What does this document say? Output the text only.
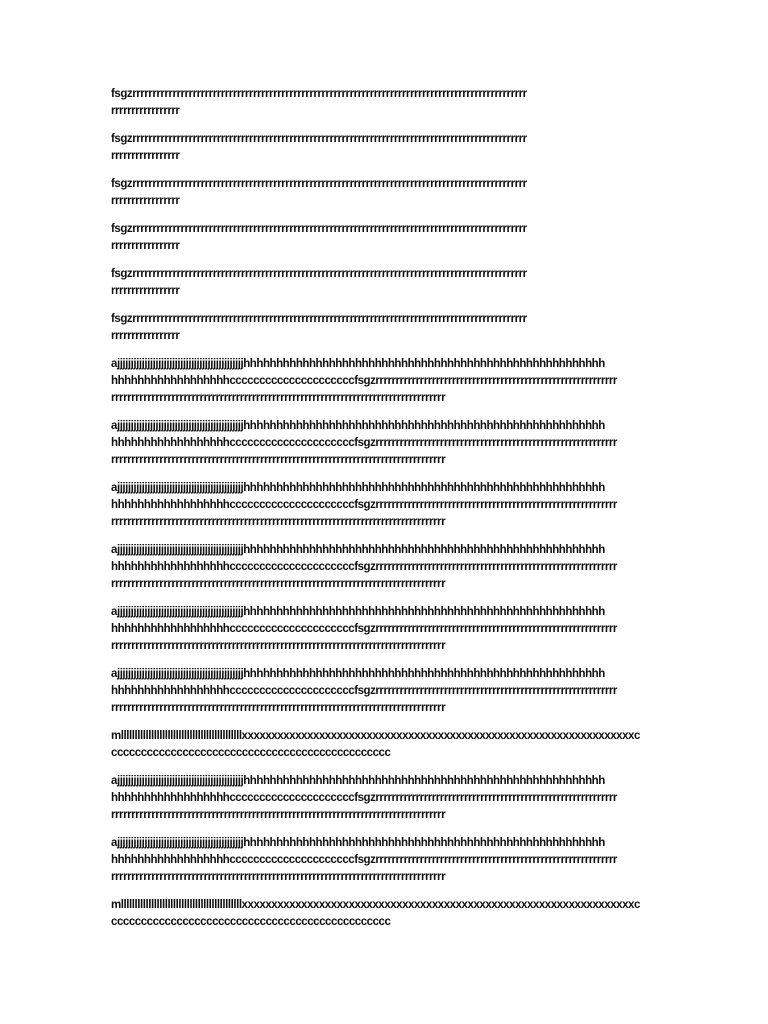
fsgzrrrrrrrrrrrrrrrrrrrrrrrrrrrrrrrrrrrrrrrrrrrrrrrrrrrrrrrrrrrrrrrrrrrrrrrrrrrrrrrrrrrrrrrrrrrrrrrrrr
rrrrrrrrrrrrrrrrr

fsgzrrrrrrrrrrrrrrrrrrrrrrrrrrrrrrrrrrrrrrrrrrrrrrrrrrrrrrrrrrrrrrrrrrrrrrrrrrrrrrrrrrrrrrrrrrrrrrrrrr
rrrrrrrrrrrrrrrrr

fsgzrrrrrrrrrrrrrrrrrrrrrrrrrrrrrrrrrrrrrrrrrrrrrrrrrrrrrrrrrrrrrrrrrrrrrrrrrrrrrrrrrrrrrrrrrrrrrrrrrr
rrrrrrrrrrrrrrrrr

fsgzrrrrrrrrrrrrrrrrrrrrrrrrrrrrrrrrrrrrrrrrrrrrrrrrrrrrrrrrrrrrrrrrrrrrrrrrrrrrrrrrrrrrrrrrrrrrrrrrrr
rrrrrrrrrrrrrrrrr

fsgzrrrrrrrrrrrrrrrrrrrrrrrrrrrrrrrrrrrrrrrrrrrrrrrrrrrrrrrrrrrrrrrrrrrrrrrrrrrrrrrrrrrrrrrrrrrrrrrrrr
rrrrrrrrrrrrrrrrr

fsgzrrrrrrrrrrrrrrrrrrrrrrrrrrrrrrrrrrrrrrrrrrrrrrrrrrrrrrrrrrrrrrrrrrrrrrrrrrrrrrrrrrrrrrrrrrrrrrrrrr
rrrrrrrrrrrrrrrrr

ajjjjjjjjjjjjjjjjjjjjjjjjjjjjjjjjjjjjjjjjjjjjjjhhhhhhhhhhhhhhhhhhhhhhhhhhhhhhhhhhhhhhhhhhhhhhhhhhhhhhh
hhhhhhhhhhhhhhhhhhcccccccccccccccccccccfsgzrrrrrrrrrrrrrrrrrrrrrrrrrrrrrrrrrrrrrrrrrrrrrrrrrrrrrrrrrrrr
rrrrrrrrrrrrrrrrrrrrrrrrrrrrrrrrrrrrrrrrrrrrrrrrrrrrrrrrrrrrrrrrrrrrrrrrrrrrrrrrrrr

ajjjjjjjjjjjjjjjjjjjjjjjjjjjjjjjjjjjjjjjjjjjjjjhhhhhhhhhhhhhhhhhhhhhhhhhhhhhhhhhhhhhhhhhhhhhhhhhhhhhhh
hhhhhhhhhhhhhhhhhhcccccccccccccccccccccfsgzrrrrrrrrrrrrrrrrrrrrrrrrrrrrrrrrrrrrrrrrrrrrrrrrrrrrrrrrrrrr
rrrrrrrrrrrrrrrrrrrrrrrrrrrrrrrrrrrrrrrrrrrrrrrrrrrrrrrrrrrrrrrrrrrrrrrrrrrrrrrrrrr

ajjjjjjjjjjjjjjjjjjjjjjjjjjjjjjjjjjjjjjjjjjjjjjhhhhhhhhhhhhhhhhhhhhhhhhhhhhhhhhhhhhhhhhhhhhhhhhhhhhhhh
hhhhhhhhhhhhhhhhhhcccccccccccccccccccccfsgzrrrrrrrrrrrrrrrrrrrrrrrrrrrrrrrrrrrrrrrrrrrrrrrrrrrrrrrrrrrr
rrrrrrrrrrrrrrrrrrrrrrrrrrrrrrrrrrrrrrrrrrrrrrrrrrrrrrrrrrrrrrrrrrrrrrrrrrrrrrrrrrr

ajjjjjjjjjjjjjjjjjjjjjjjjjjjjjjjjjjjjjjjjjjjjjjhhhhhhhhhhhhhhhhhhhhhhhhhhhhhhhhhhhhhhhhhhhhhhhhhhhhhhh
hhhhhhhhhhhhhhhhhhcccccccccccccccccccccfsgzrrrrrrrrrrrrrrrrrrrrrrrrrrrrrrrrrrrrrrrrrrrrrrrrrrrrrrrrrrrr
rrrrrrrrrrrrrrrrrrrrrrrrrrrrrrrrrrrrrrrrrrrrrrrrrrrrrrrrrrrrrrrrrrrrrrrrrrrrrrrrrrr

ajjjjjjjjjjjjjjjjjjjjjjjjjjjjjjjjjjjjjjjjjjjjjjhhhhhhhhhhhhhhhhhhhhhhhhhhhhhhhhhhhhhhhhhhhhhhhhhhhhhhh
hhhhhhhhhhhhhhhhhhcccccccccccccccccccccfsgzrrrrrrrrrrrrrrrrrrrrrrrrrrrrrrrrrrrrrrrrrrrrrrrrrrrrrrrrrrrr
rrrrrrrrrrrrrrrrrrrrrrrrrrrrrrrrrrrrrrrrrrrrrrrrrrrrrrrrrrrrrrrrrrrrrrrrrrrrrrrrrrr

ajjjjjjjjjjjjjjjjjjjjjjjjjjjjjjjjjjjjjjjjjjjjjjhhhhhhhhhhhhhhhhhhhhhhhhhhhhhhhhhhhhhhhhhhhhhhhhhhhhhhh
hhhhhhhhhhhhhhhhhhcccccccccccccccccccccfsgzrrrrrrrrrrrrrrrrrrrrrrrrrrrrrrrrrrrrrrrrrrrrrrrrrrrrrrrrrrrr
rrrrrrrrrrrrrrrrrrrrrrrrrrrrrrrrrrrrrrrrrrrrrrrrrrrrrrrrrrrrrrrrrrrrrrrrrrrrrrrrrrr

mllllllllllllllllllllllllllllllllllllllllllllxxxxxxxxxxxxxxxxxxxxxxxxxxxxxxxxxxxxxxxxxxxxxxxxxxxxxxxxxxxxxxxxxxc
ccccccccccccccccccccccccccccccccccccccccccccccc

ajjjjjjjjjjjjjjjjjjjjjjjjjjjjjjjjjjjjjjjjjjjjjjhhhhhhhhhhhhhhhhhhhhhhhhhhhhhhhhhhhhhhhhhhhhhhhhhhhhhhh
hhhhhhhhhhhhhhhhhhcccccccccccccccccccccfsgzrrrrrrrrrrrrrrrrrrrrrrrrrrrrrrrrrrrrrrrrrrrrrrrrrrrrrrrrrrrr
rrrrrrrrrrrrrrrrrrrrrrrrrrrrrrrrrrrrrrrrrrrrrrrrrrrrrrrrrrrrrrrrrrrrrrrrrrrrrrrrrrr

ajjjjjjjjjjjjjjjjjjjjjjjjjjjjjjjjjjjjjjjjjjjjjjhhhhhhhhhhhhhhhhhhhhhhhhhhhhhhhhhhhhhhhhhhhhhhhhhhhhhhh
hhhhhhhhhhhhhhhhhhcccccccccccccccccccccfsgzrrrrrrrrrrrrrrrrrrrrrrrrrrrrrrrrrrrrrrrrrrrrrrrrrrrrrrrrrrrr
rrrrrrrrrrrrrrrrrrrrrrrrrrrrrrrrrrrrrrrrrrrrrrrrrrrrrrrrrrrrrrrrrrrrrrrrrrrrrrrrrrr

mllllllllllllllllllllllllllllllllllllllllllllxxxxxxxxxxxxxxxxxxxxxxxxxxxxxxxxxxxxxxxxxxxxxxxxxxxxxxxxxxxxxxxxxxc
ccccccccccccccccccccccccccccccccccccccccccccccc
